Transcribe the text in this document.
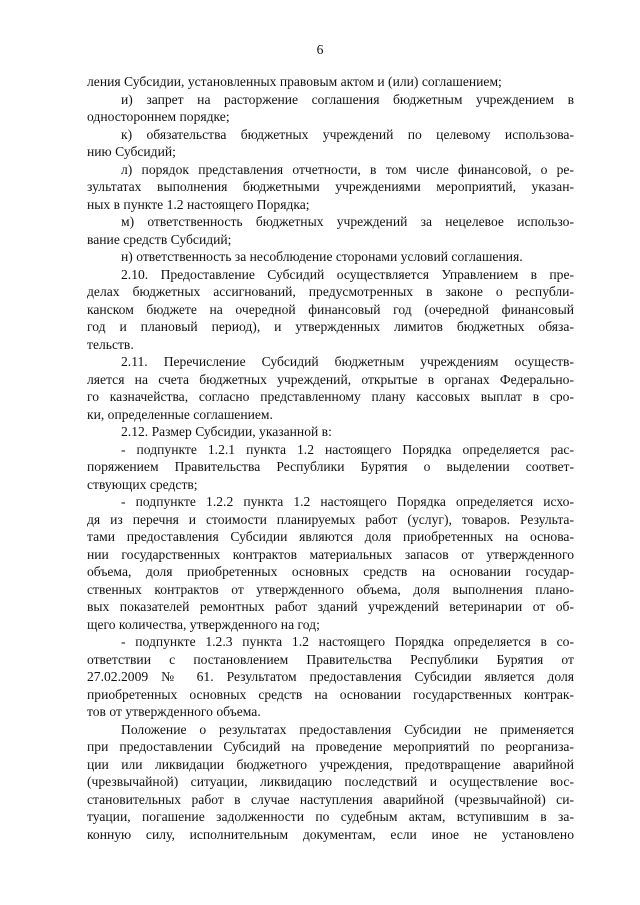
6
ления Субсидии, установленных правовым актом и (или) соглашением;
и) запрет на расторжение соглашения бюджетным учреждением в
одностороннем порядке;
к) обязательства бюджетных учреждений по целевому использова-
нию Субсидий;
л) порядок представления отчетности, в том числе финансовой, о ре-
зультатах выполнения бюджетными учреждениями мероприятий, указан-
ных в пункте 1.2 настоящего Порядка;
м) ответственность бюджетных учреждений за нецелевое использо-
вание средств Субсидий;
н) ответственность за несоблюдение сторонами условий соглашения.
2.10. Предоставление Субсидий осуществляется Управлением в пре-
делах бюджетных ассигнований, предусмотренных в законе о республи-
канском бюджете на очередной финансовый год (очередной финансовый
год и плановый период), и утвержденных лимитов бюджетных обяза-
тельств.
2.11. Перечисление Субсидий бюджетным учреждениям осуществ-
ляется на счета бюджетных учреждений, открытые в органах Федерально-
го казначейства, согласно представленному плану кассовых выплат в сро-
ки, определенные соглашением.
2.12. Размер Субсидии, указанной в:
- подпункте 1.2.1 пункта 1.2 настоящего Порядка определяется рас-
поряжением Правительства Республики Бурятия о выделении соответ-
ствующих средств;
- подпункте 1.2.2 пункта 1.2 настоящего Порядка определяется исхо-
дя из перечня и стоимости планируемых работ (услуг), товаров. Результа-
тами предоставления Субсидии являются доля приобретенных на основа-
нии государственных контрактов материальных запасов от утвержденного
объема, доля приобретенных основных средств на основании государ-
ственных контрактов от утвержденного объема, доля выполнения плано-
вых показателей ремонтных работ зданий учреждений ветеринарии от об-
щего количества, утвержденного на год;
- подпункте 1.2.3 пункта 1.2 настоящего Порядка определяется в со-
ответствии с постановлением Правительства Республики Бурятия от
27.02.2009 № 61. Результатом предоставления Субсидии является доля
приобретенных основных средств на основании государственных контрак-
тов от утвержденного объема.
Положение о результатах предоставления Субсидии не применяется
при предоставлении Субсидий на проведение мероприятий по реорганиза-
ции или ликвидации бюджетного учреждения, предотвращение аварийной
(чрезвычайной) ситуации, ликвидацию последствий и осуществление вос-
становительных работ в случае наступления аварийной (чрезвычайной) си-
туации, погашение задолженности по судебным актам, вступившим в за-
конную силу, исполнительным документам, если иное не установлено
